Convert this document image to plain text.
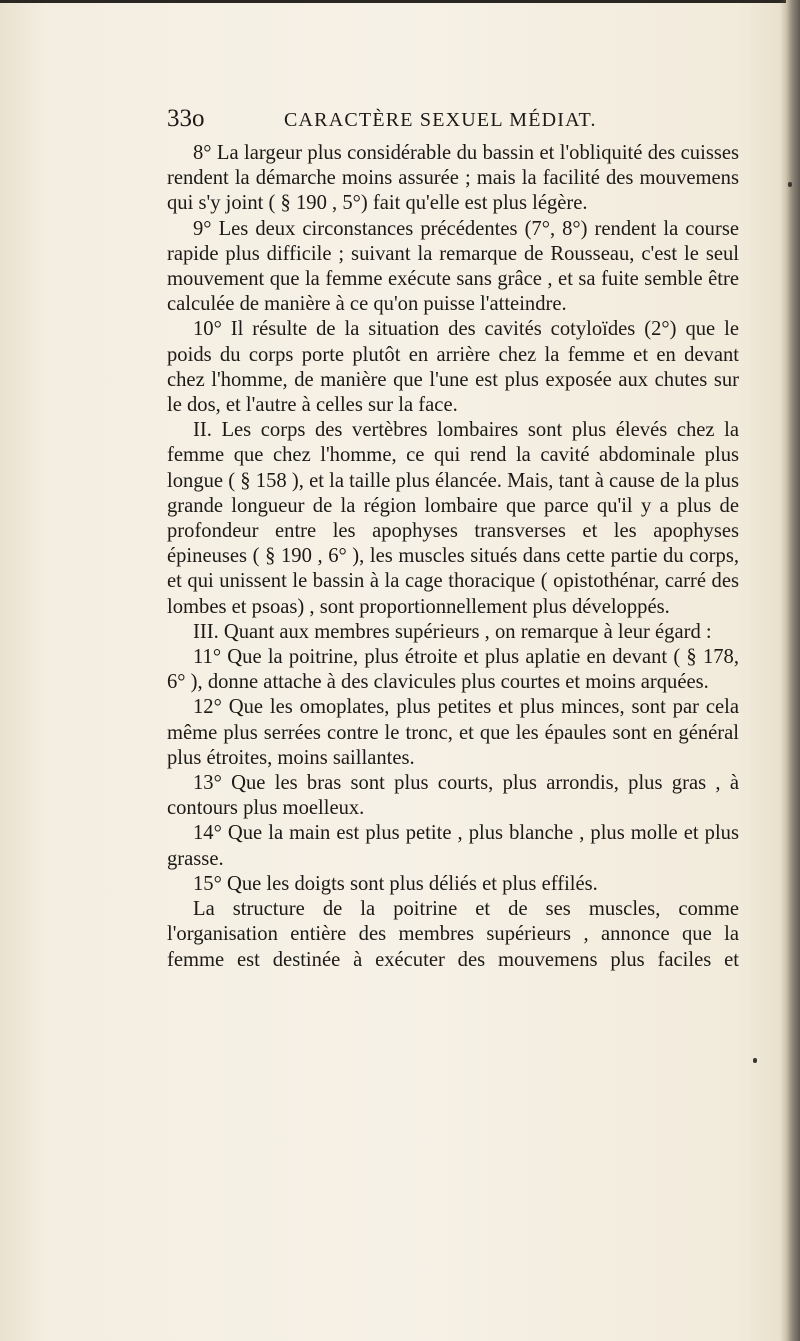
33o	CARACTÈRE SEXUEL MÉDIAT.

8° La largeur plus considérable du bassin et l'obliquité des cuisses rendent la démarche moins assurée ; mais la facilité des mouvemens qui s'y joint ( § 190 , 5°) fait qu'elle est plus légère.

9° Les deux circonstances précédentes (7°, 8°) rendent la course rapide plus difficile ; suivant la remarque de Rousseau, c'est le seul mouvement que la femme exécute sans grâce , et sa fuite semble être calculée de manière à ce qu'on puisse l'atteindre.

10° Il résulte de la situation des cavités cotyloïdes (2°) que le poids du corps porte plutôt en arrière chez la femme et en devant chez l'homme, de manière que l'une est plus exposée aux chutes sur le dos, et l'autre à celles sur la face.

II. Les corps des vertèbres lombaires sont plus élevés chez la femme que chez l'homme, ce qui rend la cavité abdominale plus longue ( § 158 ), et la taille plus élancée. Mais, tant à cause de la plus grande longueur de la région lombaire que parce qu'il y a plus de profondeur entre les apophyses transverses et les apophyses épineuses ( § 190 , 6° ), les muscles situés dans cette partie du corps, et qui unissent le bassin à la cage thoracique ( opistothénar, carré des lombes et psoas) , sont proportionnellement plus développés.

III. Quant aux membres supérieurs , on remarque à leur égard :

11° Que la poitrine, plus étroite et plus aplatie en devant ( § 178, 6° ), donne attache à des clavicules plus courtes et moins arquées.

12° Que les omoplates, plus petites et plus minces, sont par cela même plus serrées contre le tronc, et que les épaules sont en général plus étroites, moins saillantes.

13° Que les bras sont plus courts, plus arrondis, plus gras , à contours plus moelleux.

14° Que la main est plus petite , plus blanche , plus molle et plus grasse.

15° Que les doigts sont plus déliés et plus effilés.

La structure de la poitrine et de ses muscles, comme l'organisation entière des membres supérieurs , annonce que la femme est destinée à exécuter des mouvemens plus faciles et
